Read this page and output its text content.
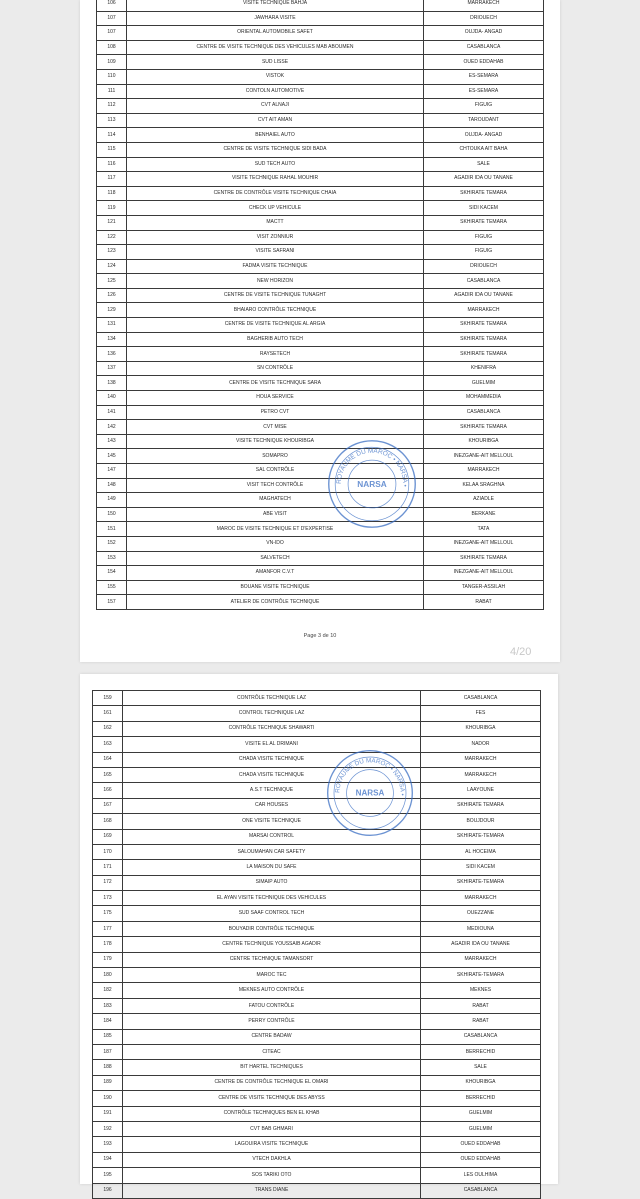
106	VISITE TECHNIQUE BAHJA	MARRAKECH
107	JAWHARA VISITE	DRIOUECH
107	ORIENTAL AUTOMOBILE SAFET	OUJDA- ANGAD
108	CENTRE DE VISITE TECHNIQUE DES VEHICULES MAB ABOUMEN	CASABLANCA
109	SUD LISSE	OUED EDDAHAB
110	VISTOK	ES-SEMARA
111	CONTOLN AUTOMOTIVE	ES-SEMARA
112	CVT ALNAJI	FIGUIG
113	CVT AIT AMAN	TAROUDANT
114	BENHAIEL AUTO	OUJDA- ANGAD
115	CENTRE DE VISITE TECHNIQUE SIDI BADA	CHTOUKA AIT BAHA
116	SUD TECH AUTO	SALE
117	VISITE TECHNIQUE RAHAL MOUHIR	AGADIR IDA OU TANANE
118	CENTRE DE CONTRÔLE VISITE TECHNIQUE CHAIA	SKHIRATE TEMARA
119	CHECK UP VEHICULE	SIDI KACEM
121	MACTT	SKHIRATE TEMARA
122	VISIT ZONNIUR	FIGUIG
123	VISITE SAFRANI	FIGUIG
124	FADMA VISITE TECHNIQUE	DRIOUECH
125	NEW HORIZON	CASABLANCA
126	CENTRE DE VISITE TECHNIQUE TUNAGHT	AGADIR IDA OU TANANE
129	BHAIARO CONTRÔLE TECHNIQUE	MARRAKECH
131	CENTRE DE VISITE TECHNIQUE AL ARGIA	SKHIRATE TEMARA
134	BAGHERIB AUTO TECH	SKHIRATE TEMARA
136	RAYSETECH	SKHIRATE TEMARA
137	SN CONTRÔLE	KHENIFRA
138	CENTRE DE VISITE TECHNIQUE SARA	GUELMIM
140	HOUA SERVICE	MOHAMMEDIA
141	PETRO CVT	CASABLANCA
142	CVT MISE	SKHIRATE TEMARA
143	VISITE TECHNIQUE KHOURIBGA	KHOURIBGA
145	SOMAPRO	INEZGANE-AIT MELLOUL
147	SAL CONTRÔLE	MARRAKECH
148	VISIT TECH CONTRÔLE	KELAA SRAGHNA
149	MAGHATECH	AZIADLE
150	ABE VISIT	BERKANE
151	MAROC DE VISITE TECHNIQUE ET D'EXPERTISE	TATA
152	VN-IDO	INEZGANE-AIT MELLOUL
153	SALVETECH	SKHIRATE TEMARA
154	AMANFOR C.V.T	INEZGANE-AIT MELLOUL
155	BOUANE VISITE TECHNIQUE	TANGER-ASSILAH
157	ATELIER DE CONTRÔLE TECHNIQUE	RABAT
Page 3 de 10
4/20
159	CONTRÔLE TECHNIQUE LAZ	CASABLANCA
161	CONTROL TECHNIQUE LAZ	FES
162	CONTRÔLE TECHNIQUE SHAWARTI	KHOURIBGA
163	VISITE EL AL DRIMANI	NADOR
164	CHADA VISITE TECHNIQUE	MARRAKECH
165	CHADA VISITE TECHNIQUE	MARRAKECH
166	A.S.T TECHNIQUE	LAAYOUNE
167	CAR HOUSES	SKHIRATE TEMARA
168	ONE VISITE TECHNIQUE	BOUJDOUR
169	MARSAI CONTROL	SKHIRATE-TEMARA
170	SALOUMAHAN CAR SAFETY	AL HOCEIMA
171	LA MAISON DU SAFE	SIDI KACEM
172	SIMAIP AUTO	SKHIRATE-TEMARA
173	EL AYAN VISITE TECHNIQUE DES VEHICULES	MARRAKECH
175	SUD SAAF CONTROL TECH	OUEZZANE
177	BOUYADIR CONTRÔLE TECHNIQUE	MEDIOUNA
178	CENTRE TECHNIQUE YOUSSAIB AGADIR	AGADIR IDA OU TANANE
179	CENTRE TECHNIQUE TAMANSORT	MARRAKECH
180	MAROC TEC	SKHIRATE-TEMARA
182	MEKNES AUTO CONTRÔLE	MEKNES
183	FATOU CONTRÔLE	RABAT
184	PERRY CONTRÔLE	RABAT
185	CENTRE BADAW	CASABLANCA
187	CITEAC	BERRECHID
188	BIT HARTEL TECHNIQUES	SALE
189	CENTRE DE CONTRÔLE TECHNIQUE EL OMARI	KHOURIBGA
190	CENTRE DE VISITE TECHNIQUE DES ABYSS	BERRECHID
191	CONTRÔLE TECHNIQUES BEN EL KHAB	GUELMIM
192	CVT BAB GHMARI	GUELMIM
193	LAGOUIRA VISITE TECHNIQUE	OUED EDDAHAB
194	VTECH DAKHLA	OUED EDDAHAB
195	SOS TARIKI OTO	LES OULHIMA
196	TRANS DIANE	CASABLANCA
ROYAUME DU MAROC • NARSA •
NARSA
ROYAUME DU MAROC • NARSA •
NARSA
